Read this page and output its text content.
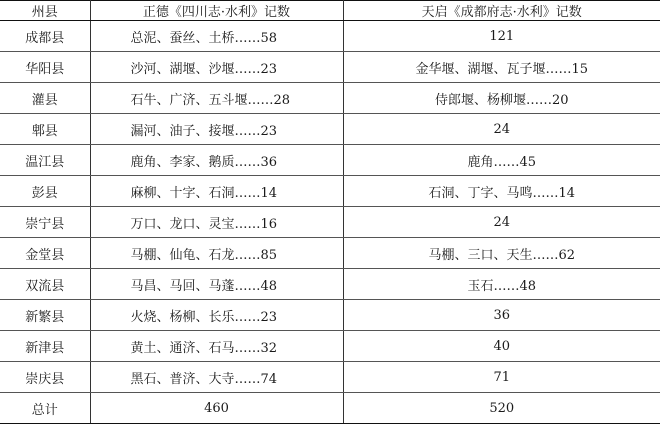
州县	正德《四川志·水利》记数	天启《成都府志·水利》记数
成都县	总泥、蚕丝、土桥……58	121
华阳县	沙河、湖堰、沙堰……23	金华堰、湖堰、瓦子堰……15
灌县	石牛、广济、五斗堰……28	侍郎堰、杨柳堰……20
郫县	漏河、油子、接堰……23	24
温江县	鹿角、李家、鹅质……36	鹿角……45
彭县	麻柳、十字、石洞……14	石洞、丁字、马鸣……14
崇宁县	万口、龙口、灵宝……16	24
金堂县	马棚、仙龟、石龙……85	马棚、三口、天生……62
双流县	马昌、马回、马蓬……48	玉石……48
新繁县	火烧、杨柳、长乐……23	36
新津县	黄土、通济、石马……32	40
崇庆县	黑石、普济、大寺……74	71
总计	460	520
